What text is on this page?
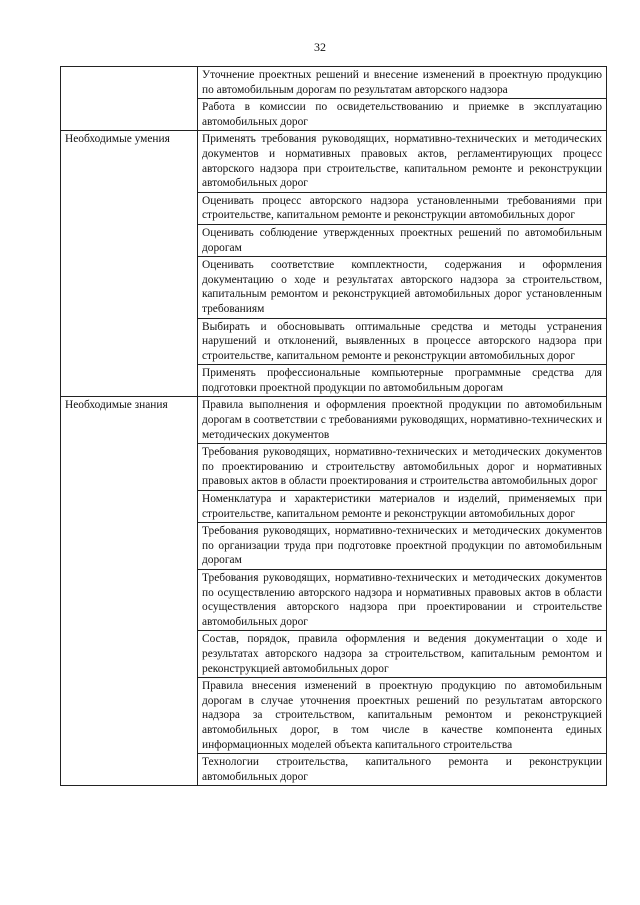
32
	Уточнение проектных решений и внесение изменений в проектную продукцию по автомобильным дорогам по результатам авторского надзора
	Работа в комиссии по освидетельствованию и приемке в эксплуатацию автомобильных дорог
Необходимые умения	Применять требования руководящих, нормативно-технических и методических документов и нормативных правовых актов, регламентирующих процесс авторского надзора при строительстве, капитальном ремонте и реконструкции автомобильных дорог
	Оценивать процесс авторского надзора установленными требованиями при строительстве, капитальном ремонте и реконструкции автомобильных дорог
	Оценивать соблюдение утвержденных проектных решений по автомобильным дорогам
	Оценивать соответствие комплектности, содержания и оформления документацию о ходе и результатах авторского надзора за строительством, капитальным ремонтом и реконструкцией автомобильных дорог установленным требованиям
	Выбирать и обосновывать оптимальные средства и методы устранения нарушений и отклонений, выявленных в процессе авторского надзора при строительстве, капитальном ремонте и реконструкции автомобильных дорог
	Применять профессиональные компьютерные программные средства для подготовки проектной продукции по автомобильным дорогам
Необходимые знания	Правила выполнения и оформления проектной продукции по автомобильным дорогам в соответствии с требованиями руководящих, нормативно-технических и методических документов
	Требования руководящих, нормативно-технических и методических документов по проектированию и строительству автомобильных дорог и нормативных правовых актов в области проектирования и строительства автомобильных дорог
	Номенклатура и характеристики материалов и изделий, применяемых при строительстве, капитальном ремонте и реконструкции автомобильных дорог
	Требования руководящих, нормативно-технических и методических документов по организации труда при подготовке проектной продукции по автомобильным дорогам
	Требования руководящих, нормативно-технических и методических документов по осуществлению авторского надзора и нормативных правовых актов в области осуществления авторского надзора при проектировании и строительстве автомобильных дорог
	Состав, порядок, правила оформления и ведения документации о ходе и результатах авторского надзора за строительством, капитальным ремонтом и реконструкцией автомобильных дорог
	Правила внесения изменений в проектную продукцию по автомобильным дорогам в случае уточнения проектных решений по результатам авторского надзора за строительством, капитальным ремонтом и реконструкцией автомобильных дорог, в том числе в качестве компонента единых информационных моделей объекта капитального строительства
	Технологии строительства, капитального ремонта и реконструкции автомобильных дорог
